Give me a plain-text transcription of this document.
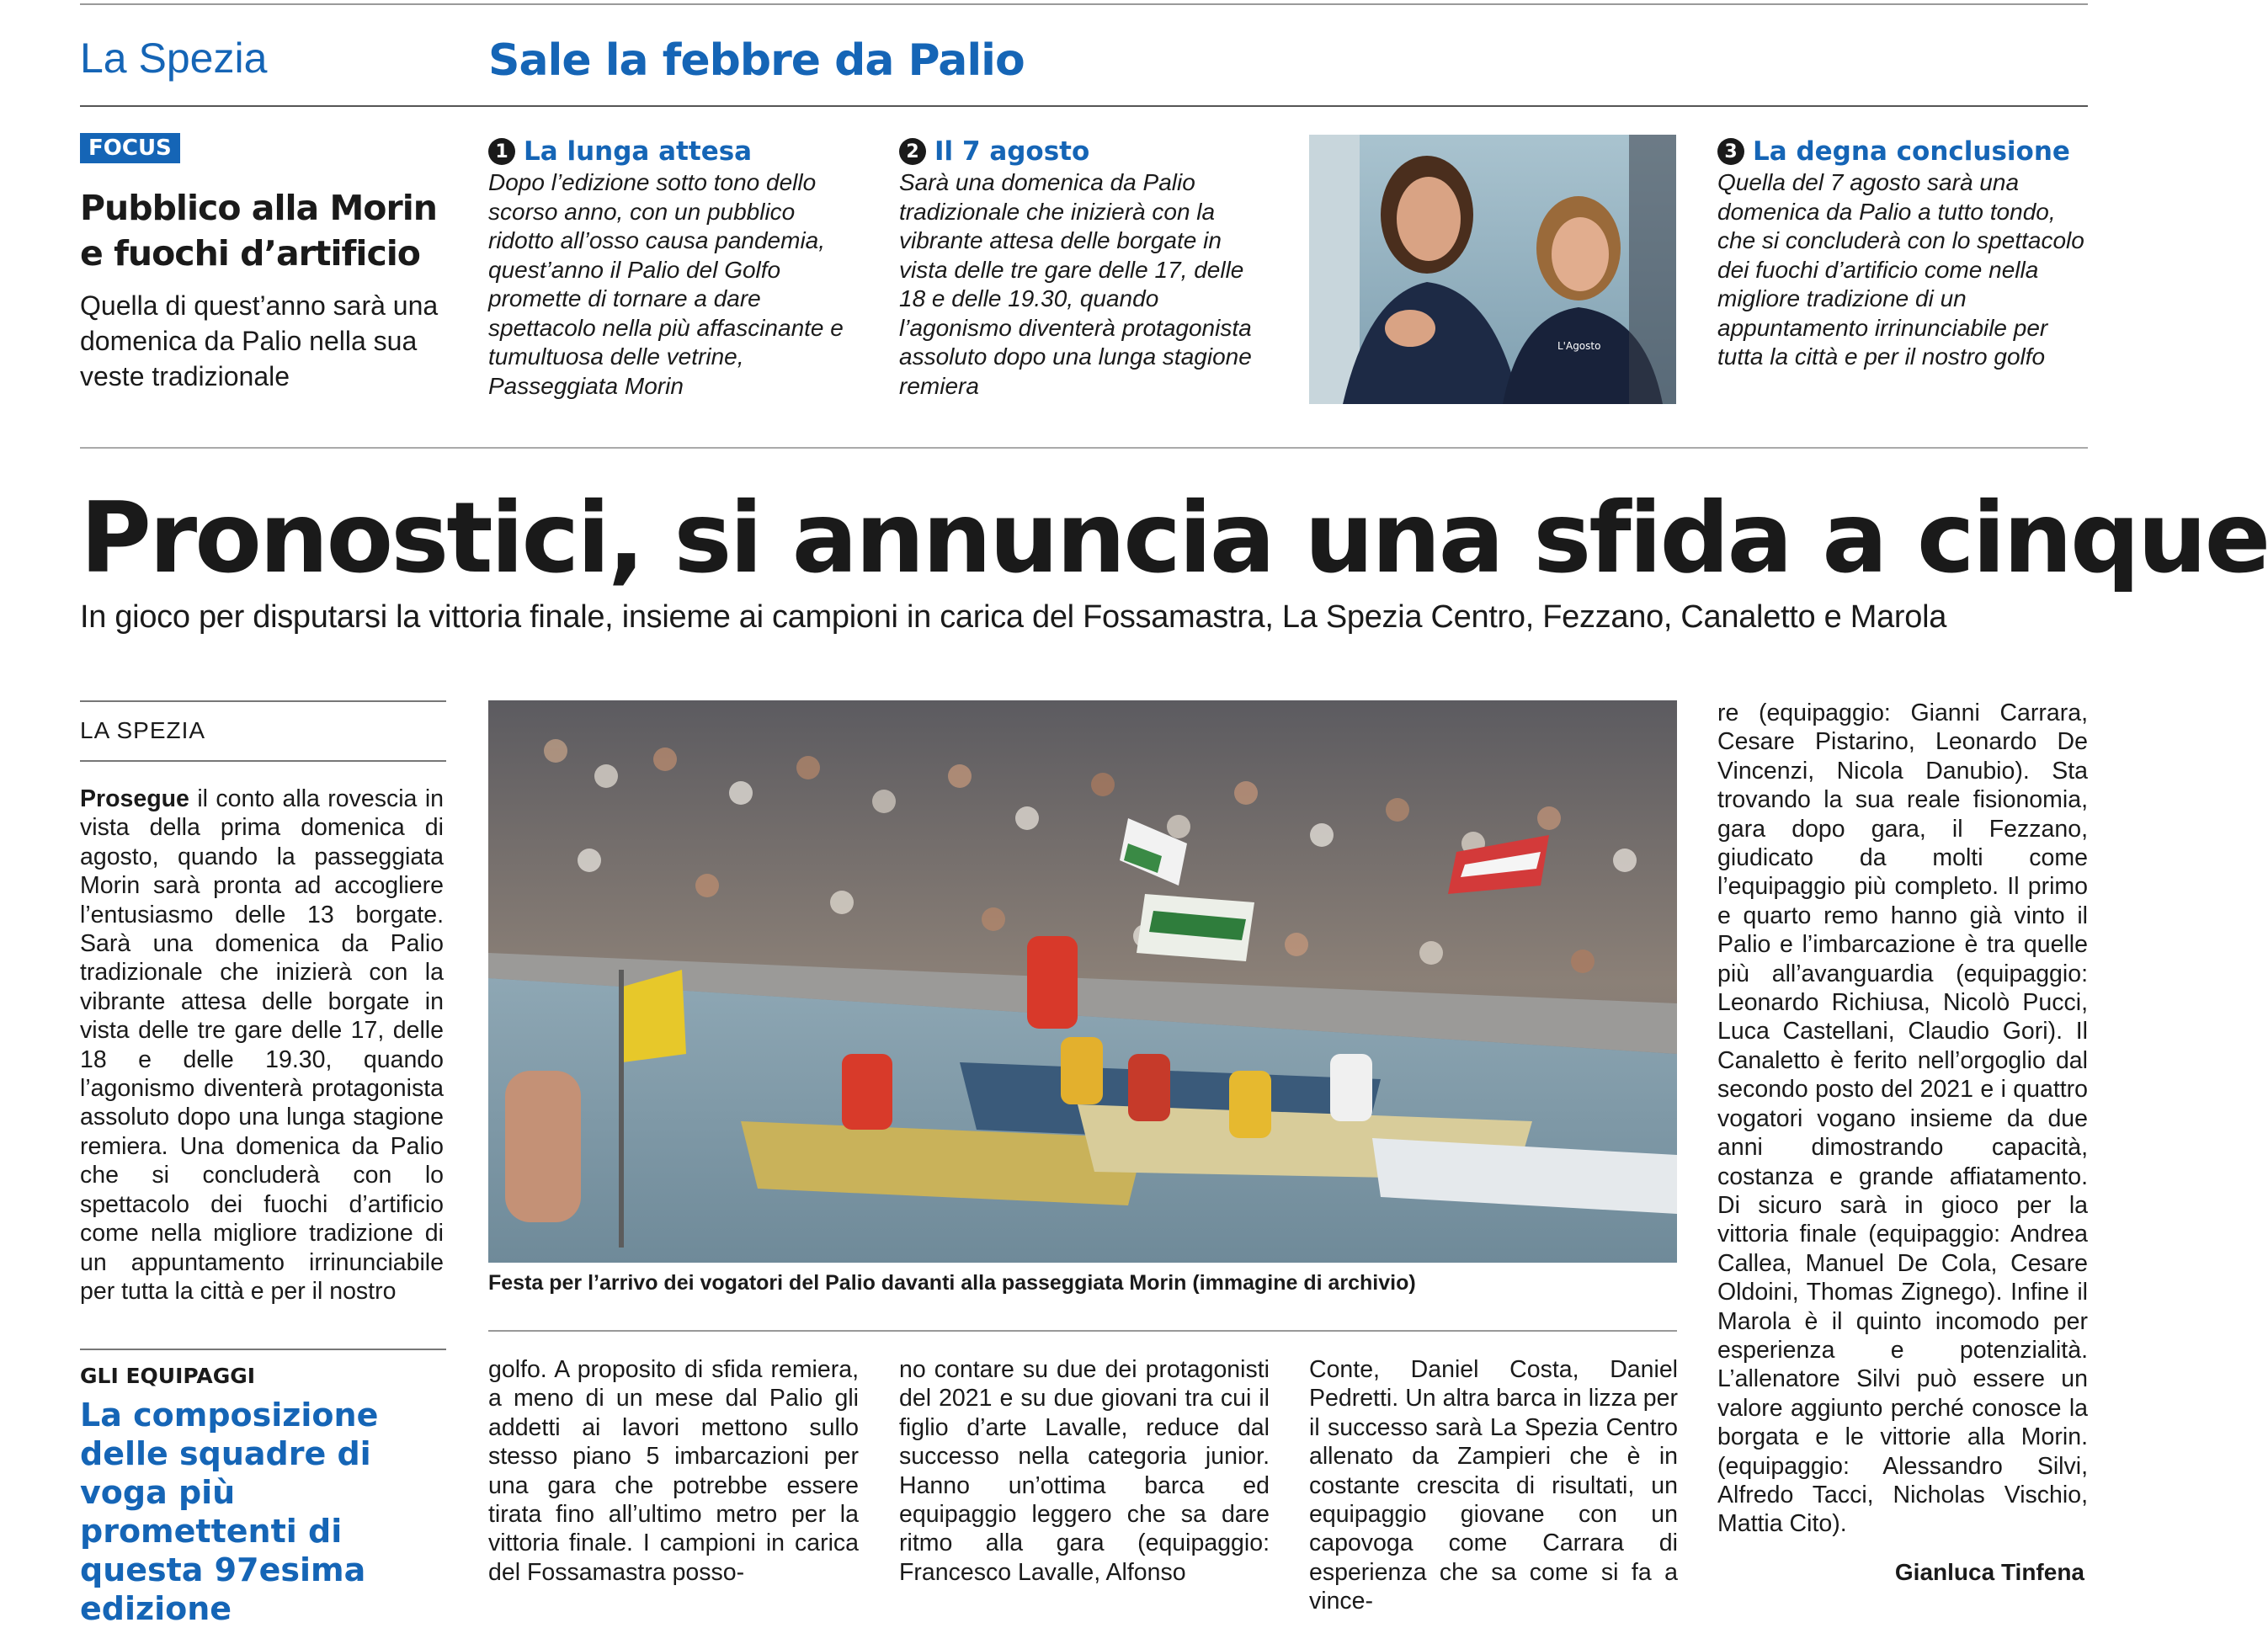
La Spezia	Sale la febbre da Palio
FOCUS
Pubblico alla Morin e fuochi d’artificio
Quella di quest’anno sarà una domenica da Palio nella sua veste tradizionale
1 La lunga attesa
Dopo l’edizione sotto tono dello scorso anno, con un pubblico ridotto all’osso causa pandemia, quest’anno il Palio del Golfo promette di tornare a dare spettacolo nella più affascinante e tumultuosa delle vetrine, Passeggiata Morin
2 Il 7 agosto
Sarà una domenica da Palio tradizionale che inizierà con la vibrante attesa delle borgate in vista delle tre gare delle 17, delle 18 e delle 19.30, quando l’agonismo diventerà protagonista assoluto dopo una lunga stagione remiera
L'Agosto
3 La degna conclusione
Quella del 7 agosto sarà una domenica da Palio a tutto tondo, che si concluderà con lo spettacolo dei fuochi d’artificio come nella migliore tradizione di un appuntamento irrinunciabile per tutta la città e per il nostro golfo
Pronostici, si annuncia una sfida a cinque
In gioco per disputarsi la vittoria finale, insieme ai campioni in carica del Fossamastra, La Spezia Centro, Fezzano, Canaletto e Marola
LA SPEZIA
Prosegue il conto alla rovescia in vista della prima domenica di agosto, quando la passeggiata Morin sarà pronta ad accogliere l’entusiasmo delle 13 borgate. Sarà una domenica da Palio tradizionale che inizierà con la vibrante attesa delle borgate in vista delle tre gare delle 17, delle 18 e delle 19.30, quando l’agonismo diventerà protagonista assoluto dopo una lunga stagione remiera. Una domenica da Palio che si concluderà con lo spettacolo dei fuochi d’artificio come nella migliore tradizione di un appuntamento irrinunciabile per tutta la città e per il nostro
GLI EQUIPAGGI
La composizione delle squadre di voga più promettenti di questa 97esima edizione
Festa per l’arrivo dei vogatori del Palio davanti alla passeggiata Morin (immagine di archivio)
golfo. A proposito di sfida remiera, a meno di un mese dal Palio gli addetti ai lavori mettono sullo stesso piano 5 imbarcazioni per una gara che potrebbe essere tirata fino all’ultimo metro per la vittoria finale. I campioni in carica del Fossamastra posso-
no contare su due dei protagonisti del 2021 e su due giovani tra cui il figlio d’arte Lavalle, reduce dal successo nella categoria junior. Hanno un’ottima barca ed equipaggio leggero che sa dare ritmo alla gara (equipaggio: Francesco Lavalle, Alfonso
Conte, Daniel Costa, Daniel Pedretti. Un altra barca in lizza per il successo sarà La Spezia Centro allenato da Zampieri che è in costante crescita di risultati, un equipaggio giovane con un capovoga come Carrara di esperienza che sa come si fa a vince-
re (equipaggio: Gianni Carrara, Cesare Pistarino, Leonardo De Vincenzi, Nicola Danubio). Sta trovando la sua reale fisionomia, gara dopo gara, il Fezzano, giudicato da molti come l’equipaggio più completo. Il primo e quarto remo hanno già vinto il Palio e l’imbarcazione è tra quelle più all’avanguardia (equipaggio: Leonardo Richiusa, Nicolò Pucci, Luca Castellani, Claudio Gori). Il Canaletto è ferito nell’orgoglio dal secondo posto del 2021 e i quattro vogatori vogano insieme da due anni dimostrando capacità, costanza e grande affiatamento. Di sicuro sarà in gioco per la vittoria finale (equipaggio: Andrea Callea, Manuel De Cola, Cesare Oldoini, Thomas Zignego). Infine il Marola è il quinto incomodo per esperienza e potenzialità. L’allenatore Silvi può essere un valore aggiunto perché conosce la borgata e le vittorie alla Morin. (equipaggio: Alessandro Silvi, Alfredo Tacci, Nicholas Vischio, Mattia Cito).
Gianluca Tinfena
